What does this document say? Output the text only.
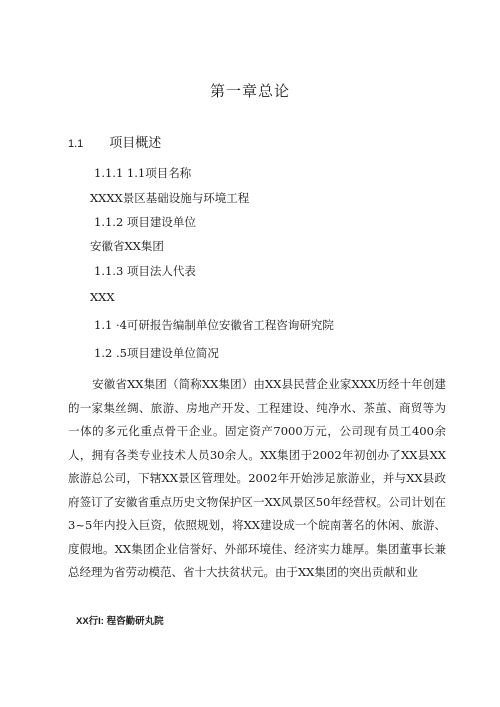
第一章总论
1.1 项目概述
1.1.1 1.1项目名称
XXXX景区基础设施与环境工程
1.1.2 项目建设单位
安徽省XX集团
1.1.3 项目法人代表
XXX
1.1 ·4可研报告编制单位安徽省工程咨询研究院
1.2 .5项目建设单位简况
安徽省XX集团（简称XX集团）由XX县民营企业家XXX历经十年创建的一家集丝绸、旅游、房地产开发、工程建设、纯净水、茶茧、商贸等为一体的多元化重点骨干企业。固定资产7000万元，公司现有员工400余人，拥有各类专业技术人员30余人。XX集团于2002年初创办了XX县XX旅游总公司，下辖XX景区管理处。2002年开始涉足旅游业，并与XX县政府签订了安徽省重点历史文物保护区一XX风景区50年经营权。公司计划在3~5年内投入巨资，依照规划，将XX建设成一个皖南著名的休闲、旅游、度假地。XX集团企业信誉好、外部环境佳、经济实力雄厚。集团董事长兼总经理为省劳动模范、省十大扶贫状元。由于XX集团的突出贡献和业
XX行I: 程咨勤研丸院
